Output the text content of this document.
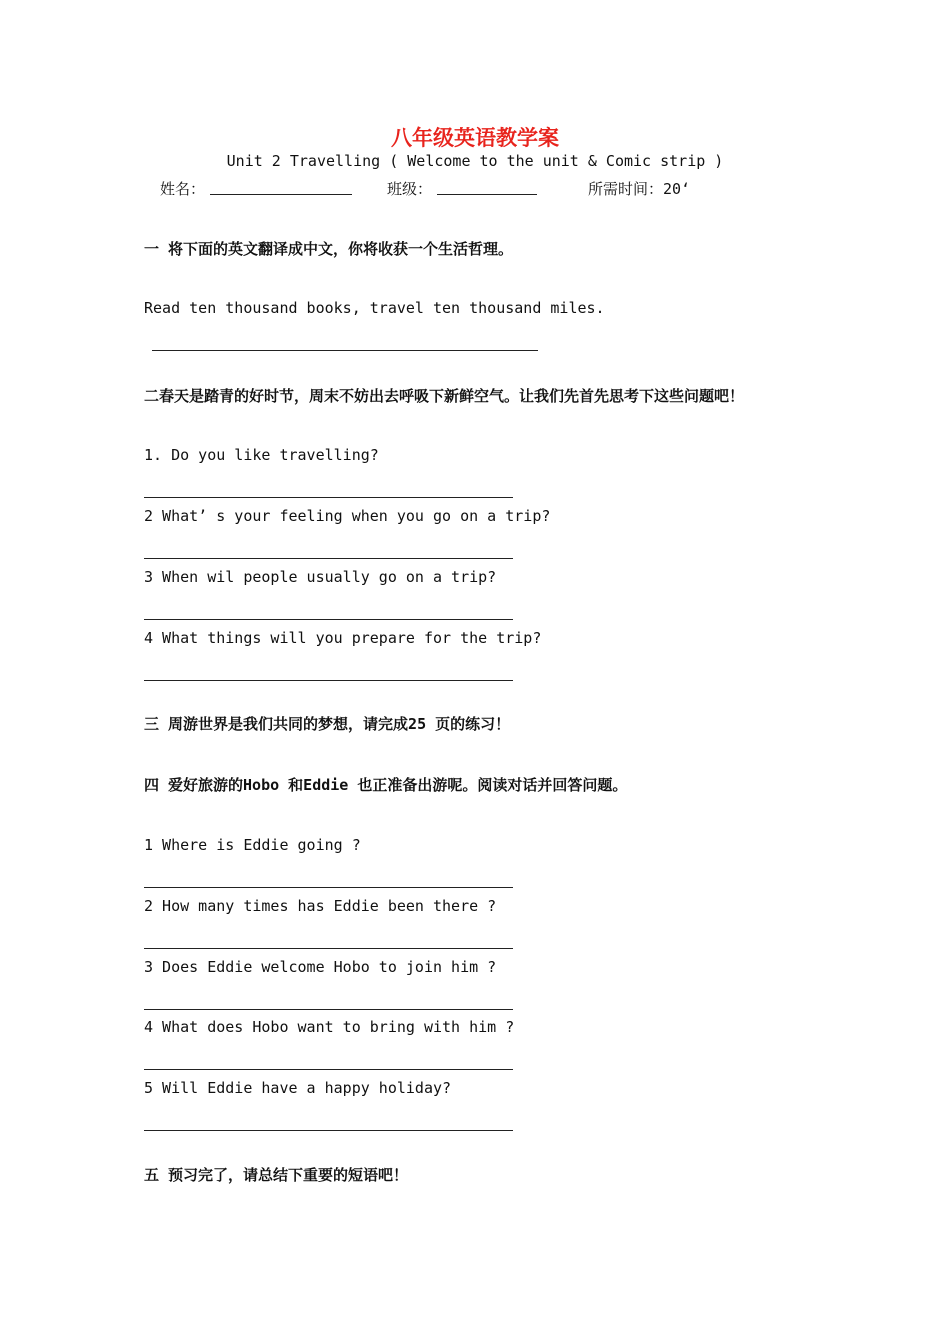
八年级英语教学案
Unit 2 Travelling ( Welcome to the unit & Comic strip )
姓名：	班级：	所需时间：20‘
一 将下面的英文翻译成中文，你将收获一个生活哲理。
Read ten thousand books, travel ten thousand miles.
二春天是踏青的好时节，周末不妨出去呼吸下新鲜空气。让我们先首先思考下这些问题吧！
1. Do you like travelling?
2 What’ s your feeling when you go on a trip?
3 When wil people usually go on a trip?
4 What things will you prepare for the trip?
三 周游世界是我们共同的梦想，请完成25 页的练习！
四 爱好旅游的Hobo 和Eddie 也正准备出游呢。阅读对话并回答问题。
1 Where is Eddie going ?
2 How many times has Eddie been there ?
3 Does Eddie welcome Hobo to join him ?
4 What does Hobo want to bring with him ?
5 Will Eddie have a happy holiday?
五 预习完了，请总结下重要的短语吧！
